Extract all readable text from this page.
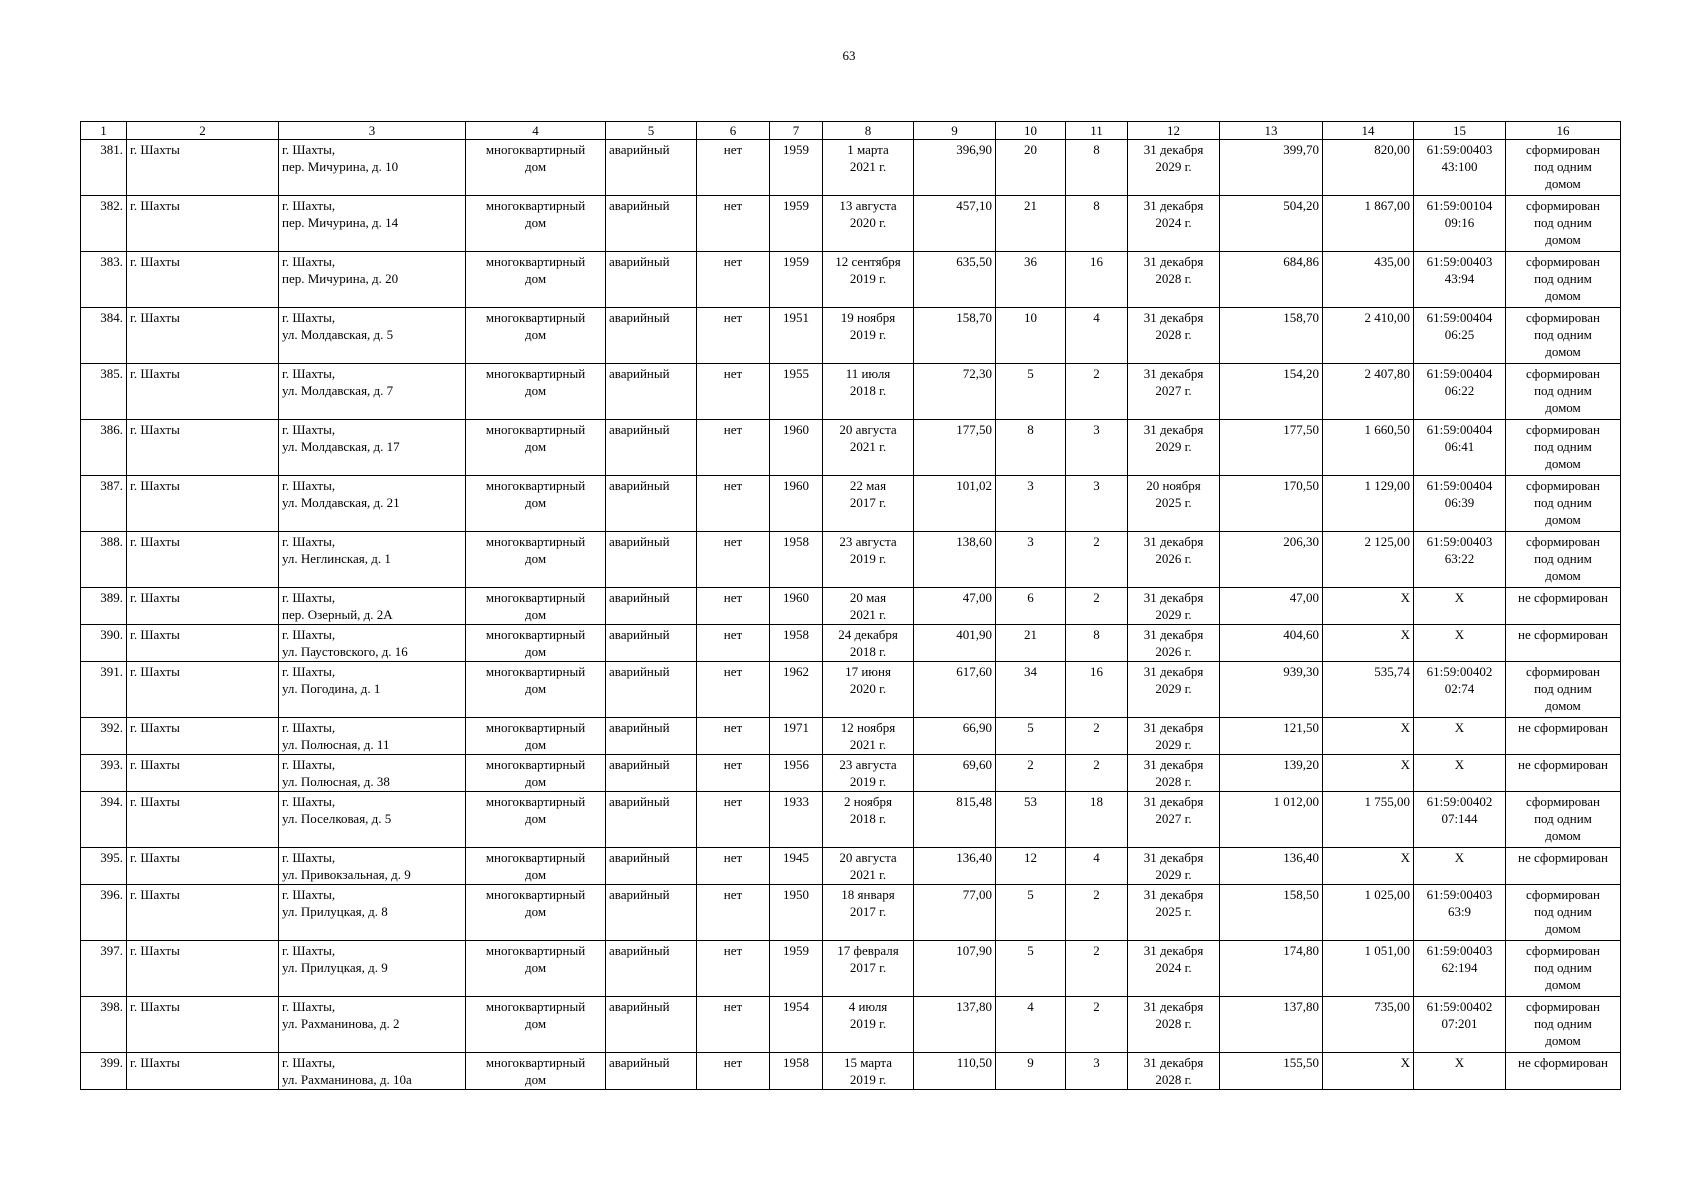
63
1	2	3	4	5	6	7	8	9	10	11	12	13	14	15	16
381.	г. Шахты	г. Шахты,
пер. Мичурина, д. 10	многоквартирный
дом	аварийный	нет	1959	1 марта
2021 г.	396,90	20	8	31 декабря
2029 г.	399,70	820,00	61:59:00403
43:100	сформирован
под одним
домом
382.	г. Шахты	г. Шахты,
пер. Мичурина, д. 14	многоквартирный
дом	аварийный	нет	1959	13 августа
2020 г.	457,10	21	8	31 декабря
2024 г.	504,20	1 867,00	61:59:00104
09:16	сформирован
под одним
домом
383.	г. Шахты	г. Шахты,
пер. Мичурина, д. 20	многоквартирный
дом	аварийный	нет	1959	12 сентября
2019 г.	635,50	36	16	31 декабря
2028 г.	684,86	435,00	61:59:00403
43:94	сформирован
под одним
домом
384.	г. Шахты	г. Шахты,
ул. Молдавская, д. 5	многоквартирный
дом	аварийный	нет	1951	19 ноября
2019 г.	158,70	10	4	31 декабря
2028 г.	158,70	2 410,00	61:59:00404
06:25	сформирован
под одним
домом
385.	г. Шахты	г. Шахты,
ул. Молдавская, д. 7	многоквартирный
дом	аварийный	нет	1955	11 июля
2018 г.	72,30	5	2	31 декабря
2027 г.	154,20	2 407,80	61:59:00404
06:22	сформирован
под одним
домом
386.	г. Шахты	г. Шахты,
ул. Молдавская, д. 17	многоквартирный
дом	аварийный	нет	1960	20 августа
2021 г.	177,50	8	3	31 декабря
2029 г.	177,50	1 660,50	61:59:00404
06:41	сформирован
под одним
домом
387.	г. Шахты	г. Шахты,
ул. Молдавская, д. 21	многоквартирный
дом	аварийный	нет	1960	22 мая
2017 г.	101,02	3	3	20 ноября
2025 г.	170,50	1 129,00	61:59:00404
06:39	сформирован
под одним
домом
388.	г. Шахты	г. Шахты,
ул. Неглинская, д. 1	многоквартирный
дом	аварийный	нет	1958	23 августа
2019 г.	138,60	3	2	31 декабря
2026 г.	206,30	2 125,00	61:59:00403
63:22	сформирован
под одним
домом
389.	г. Шахты	г. Шахты,
пер. Озерный, д. 2А	многоквартирный
дом	аварийный	нет	1960	20 мая
2021 г.	47,00	6	2	31 декабря
2029 г.	47,00	X	X	не сформирован
390.	г. Шахты	г. Шахты,
ул. Паустовского, д. 16	многоквартирный
дом	аварийный	нет	1958	24 декабря
2018 г.	401,90	21	8	31 декабря
2026 г.	404,60	X	X	не сформирован
391.	г. Шахты	г. Шахты,
ул. Погодина, д. 1	многоквартирный
дом	аварийный	нет	1962	17 июня
2020 г.	617,60	34	16	31 декабря
2029 г.	939,30	535,74	61:59:00402
02:74	сформирован
под одним
домом
392.	г. Шахты	г. Шахты,
ул. Полюсная, д. 11	многоквартирный
дом	аварийный	нет	1971	12 ноября
2021 г.	66,90	5	2	31 декабря
2029 г.	121,50	X	X	не сформирован
393.	г. Шахты	г. Шахты,
ул. Полюсная, д. 38	многоквартирный
дом	аварийный	нет	1956	23 августа
2019 г.	69,60	2	2	31 декабря
2028 г.	139,20	X	X	не сформирован
394.	г. Шахты	г. Шахты,
ул. Поселковая, д. 5	многоквартирный
дом	аварийный	нет	1933	2 ноября
2018 г.	815,48	53	18	31 декабря
2027 г.	1 012,00	1 755,00	61:59:00402
07:144	сформирован
под одним
домом
395.	г. Шахты	г. Шахты,
ул. Привокзальная, д. 9	многоквартирный
дом	аварийный	нет	1945	20 августа
2021 г.	136,40	12	4	31 декабря
2029 г.	136,40	X	X	не сформирован
396.	г. Шахты	г. Шахты,
ул. Прилуцкая, д. 8	многоквартирный
дом	аварийный	нет	1950	18 января
2017 г.	77,00	5	2	31 декабря
2025 г.	158,50	1 025,00	61:59:00403
63:9	сформирован
под одним
домом
397.	г. Шахты	г. Шахты,
ул. Прилуцкая, д. 9	многоквартирный
дом	аварийный	нет	1959	17 февраля
2017 г.	107,90	5	2	31 декабря
2024 г.	174,80	1 051,00	61:59:00403
62:194	сформирован
под одним
домом
398.	г. Шахты	г. Шахты,
ул. Рахманинова, д. 2	многоквартирный
дом	аварийный	нет	1954	4 июля
2019 г.	137,80	4	2	31 декабря
2028 г.	137,80	735,00	61:59:00402
07:201	сформирован
под одним
домом
399.	г. Шахты	г. Шахты,
ул. Рахманинова, д. 10а	многоквартирный
дом	аварийный	нет	1958	15 марта
2019 г.	110,50	9	3	31 декабря
2028 г.	155,50	X	X	не сформирован
